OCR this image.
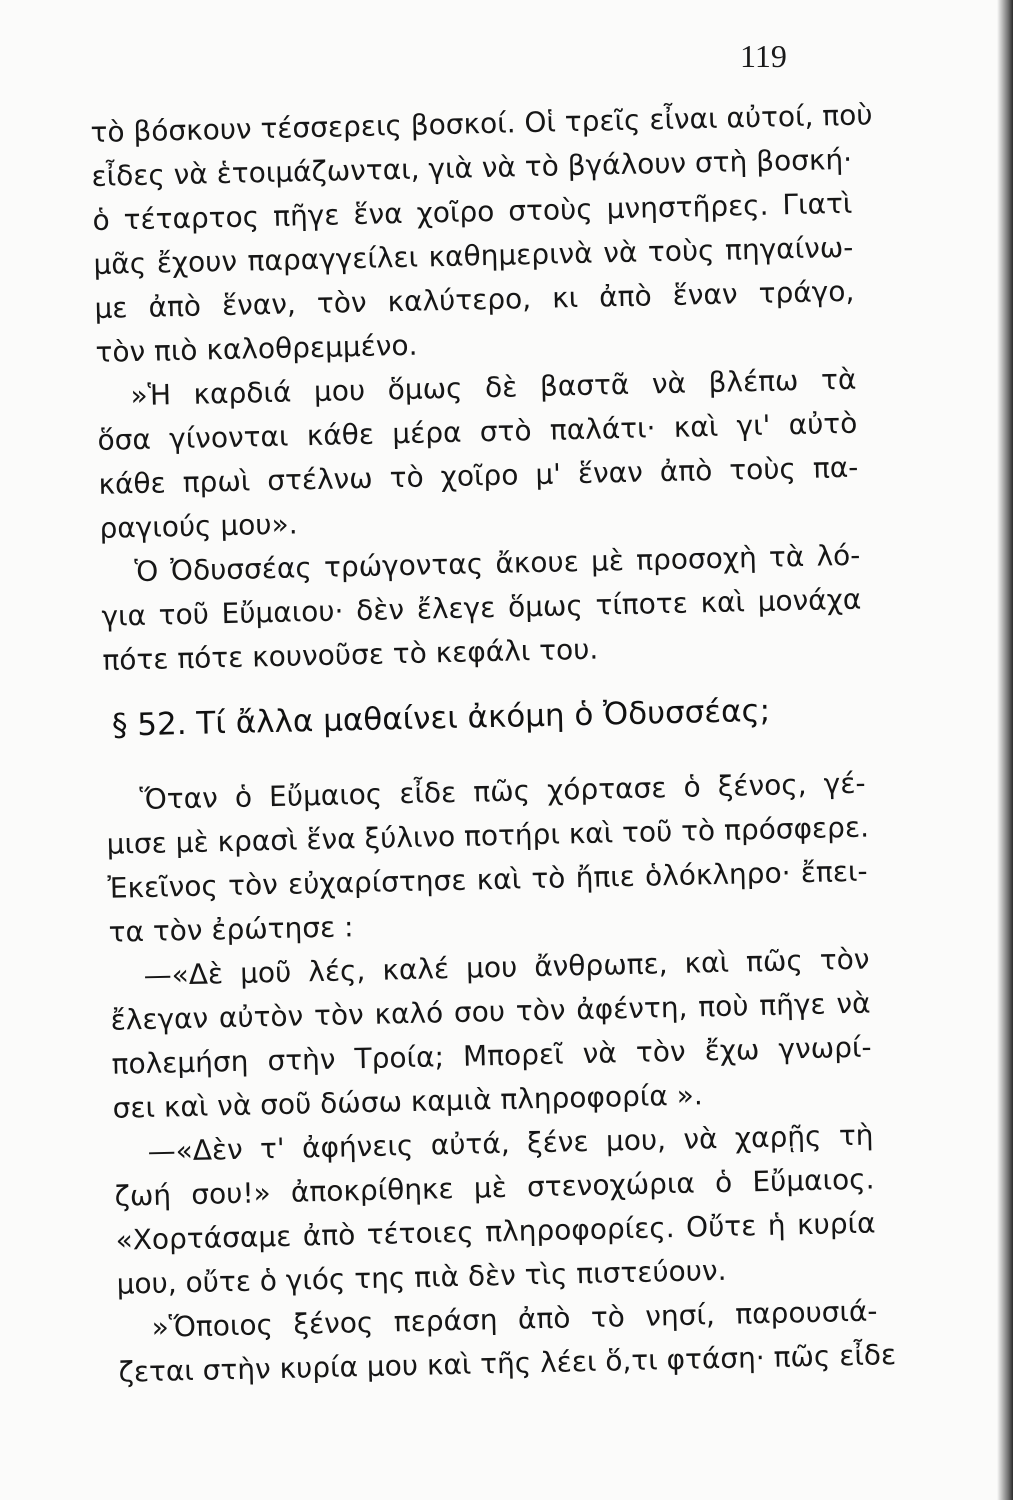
119
τὸ βόσκουν τέσσερεις βοσκοί. Οἱ τρεῖς εἶναι αὐτοί, ποὺ
εἶδες νὰ ἑτοιμάζωνται, γιὰ νὰ τὸ βγάλουν στὴ βοσκή·
ὁ τέταρτος πῆγε ἕνα χοῖρο στοὺς μνηστῆρες. Γιατὶ
μᾶς ἔχουν παραγγείλει καθημερινὰ νὰ τοὺς πηγαίνω-
με ἀπὸ ἕναν, τὸν καλύτερο, κι ἀπὸ ἕναν τράγο,
τὸν πιὸ καλοθρεμμένο.
»Ἡ καρδιά μου ὅμως δὲ βαστᾶ νὰ βλέπω τὰ
ὅσα γίνονται κάθε μέρα στὸ παλάτι· καὶ γι' αὐτὸ
κάθε πρωὶ στέλνω τὸ χοῖρο μ' ἕναν ἀπὸ τοὺς πα-
ραγιούς μου».
Ὁ Ὀδυσσέας τρώγοντας ἄκουε μὲ προσοχὴ τὰ λό-
για τοῦ Εὔμαιου· δὲν ἔλεγε ὅμως τίποτε καὶ μονάχα
πότε πότε κουνοῦσε τὸ κεφάλι του.
§ 52. Τί ἄλλα μαθαίνει ἀκόμη ὁ Ὀδυσσέας;
Ὅταν ὁ Εὔμαιος εἶδε πῶς χόρτασε ὁ ξένος, γέ-
μισε μὲ κρασὶ ἕνα ξύλινο ποτήρι καὶ τοῦ τὸ πρόσφερε.
Ἐκεῖνος τὸν εὐχαρίστησε καὶ τὸ ἤπιε ὁλόκληρο· ἔπει-
τα τὸν ἐρώτησε :
—«Δὲ μοῦ λές, καλέ μου ἄνθρωπε, καὶ πῶς τὸν
ἔλεγαν αὐτὸν τὸν καλό σου τὸν ἀφέντη, ποὺ πῆγε νὰ
πολεμήση στὴν Τροία; Μπορεῖ νὰ τὸν ἔχω γνωρί-
σει καὶ νὰ σοῦ δώσω καμιὰ πληροφορία ».
—«Δὲν τ' ἀφήνεις αὐτά, ξένε μου, νὰ χαρῇς τὴ
ζωή σου!» ἀποκρίθηκε μὲ στενοχώρια ὁ Εὔμαιος.
«Χορτάσαμε ἀπὸ τέτοιες πληροφορίες. Οὔτε ἡ κυρία
μου, οὔτε ὁ γιός της πιὰ δὲν τὶς πιστεύουν.
»Ὅποιος ξένος περάση ἀπὸ τὸ νησί, παρουσιά-
ζεται στὴν κυρία μου καὶ τῆς λέει ὅ,τι φτάση· πῶς εἶδε
